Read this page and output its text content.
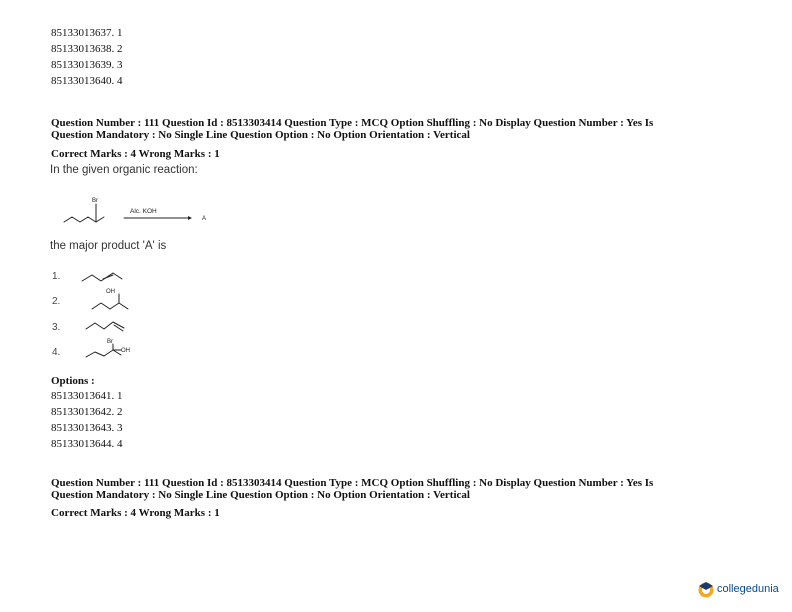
85133013637. 1
85133013638. 2
85133013639. 3
85133013640. 4
Question Number : 111 Question Id : 8513303414 Question Type : MCQ Option Shuffling : No Display Question Number : Yes Is
Question Mandatory : No Single Line Question Option : No Option Orientation : Vertical
Correct Marks : 4 Wrong Marks : 1
In the given organic reaction:
Br
Alc. KOH
A
the major product 'A' is
1.
2.
3.
4.
OH
Br
OH
Options :
85133013641. 1
85133013642. 2
85133013643. 3
85133013644. 4
Question Number : 111 Question Id : 8513303414 Question Type : MCQ Option Shuffling : No Display Question Number : Yes Is
Question Mandatory : No Single Line Question Option : No Option Orientation : Vertical
Correct Marks : 4 Wrong Marks : 1
collegedunia
